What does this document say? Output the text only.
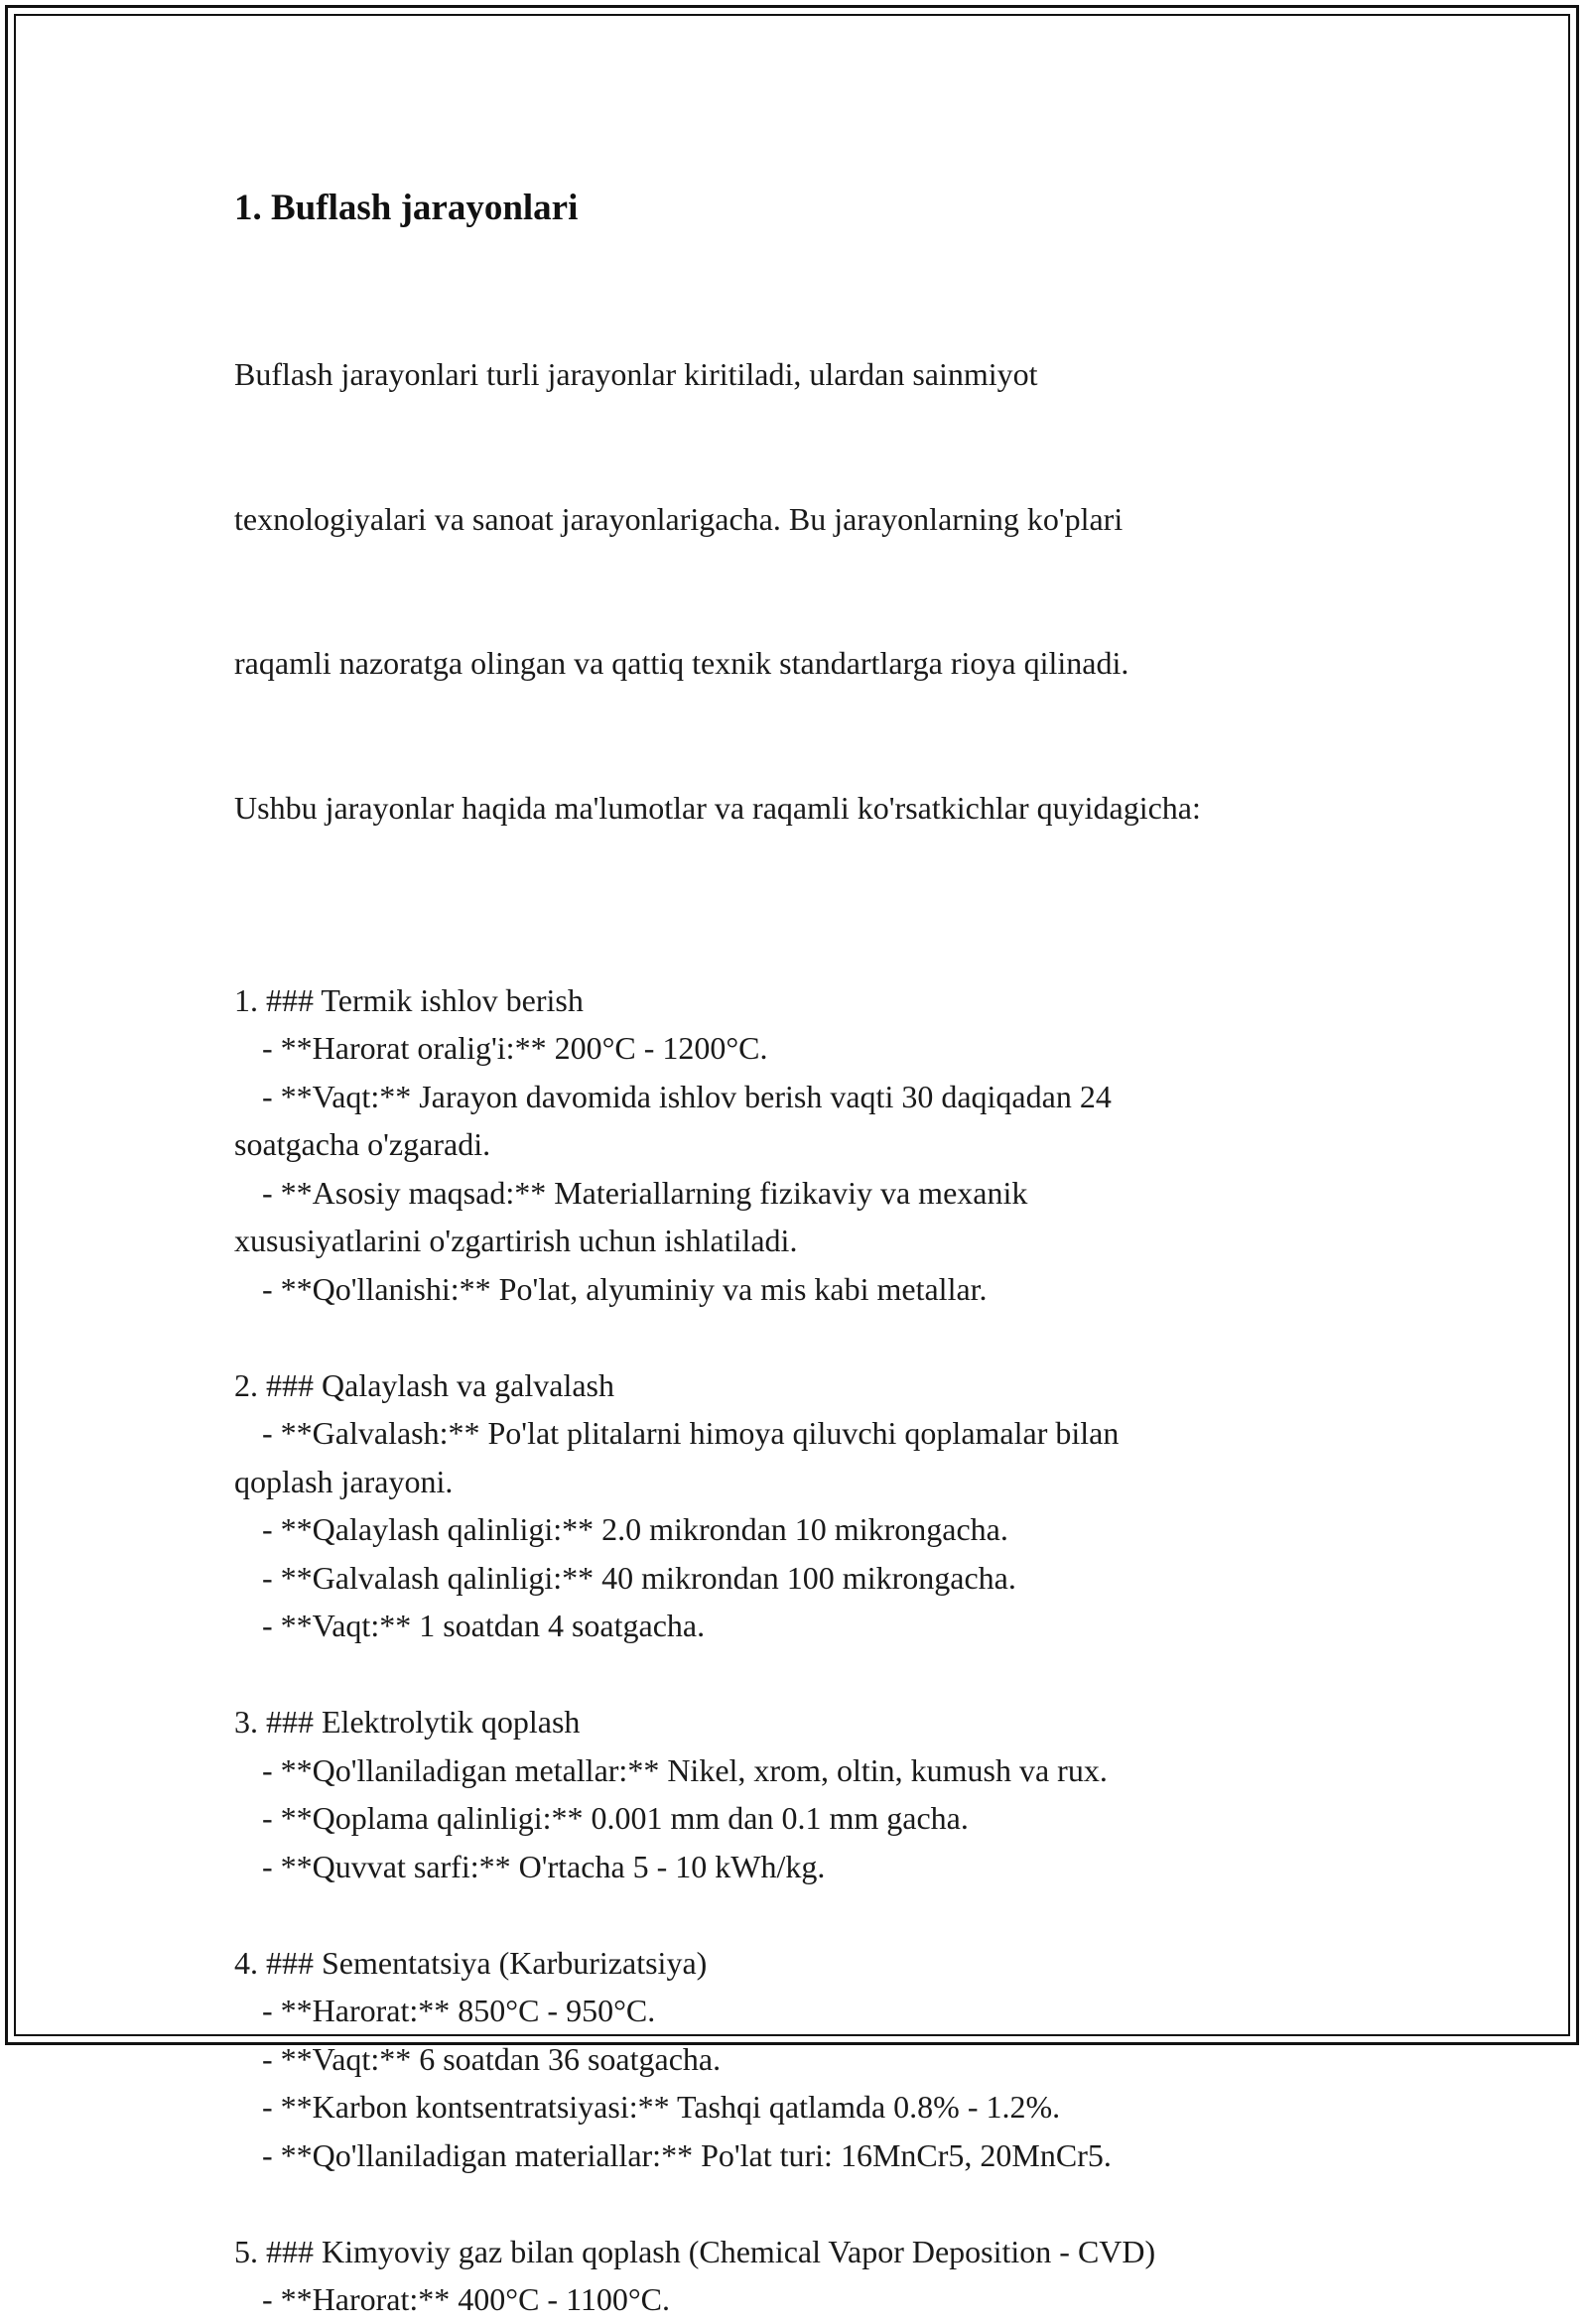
1. Buflash jarayonlari

Buflash jarayonlari turli jarayonlar kiritiladi, ulardan sainmiyot

texnologiyalari va sanoat jarayonlarigacha. Bu jarayonlarning ko'plari

raqamli nazoratga olingan va qattiq texnik standartlarga rioya qilinadi.

Ushbu jarayonlar haqida ma'lumotlar va raqamli ko'rsatkichlar quyidagicha:

1. ### Termik ishlov berish
- **Harorat oralig'i:** 200°C - 1200°C.
- **Vaqt:** Jarayon davomida ishlov berish vaqti 30 daqiqadan 24
soatgacha o'zgaradi.
- **Asosiy maqsad:** Materiallarning fizikaviy va mexanik
xususiyatlarini o'zgartirish uchun ishlatiladi.
- **Qo'llanishi:** Po'lat, alyuminiy va mis kabi metallar.
2. ### Qalaylash va galvalash
- **Galvalash:** Po'lat plitalarni himoya qiluvchi qoplamalar bilan
qoplash jarayoni.
- **Qalaylash qalinligi:** 2.0 mikrondan 10 mikrongacha.
- **Galvalash qalinligi:** 40 mikrondan 100 mikrongacha.
- **Vaqt:** 1 soatdan 4 soatgacha.
3. ### Elektrolytik qoplash
- **Qo'llaniladigan metallar:** Nikel, xrom, oltin, kumush va rux.
- **Qoplama qalinligi:** 0.001 mm dan 0.1 mm gacha.
- **Quvvat sarfi:** O'rtacha 5 - 10 kWh/kg.
4. ### Sementatsiya (Karburizatsiya)
- **Harorat:** 850°C - 950°C.
- **Vaqt:** 6 soatdan 36 soatgacha.
- **Karbon kontsentratsiyasi:** Tashqi qatlamda 0.8% - 1.2%.
- **Qo'llaniladigan materiallar:** Po'lat turi: 16MnCr5, 20MnCr5.
5. ### Kimyoviy gaz bilan qoplash (Chemical Vapor Deposition - CVD)
- **Harorat:** 400°C - 1100°C.
